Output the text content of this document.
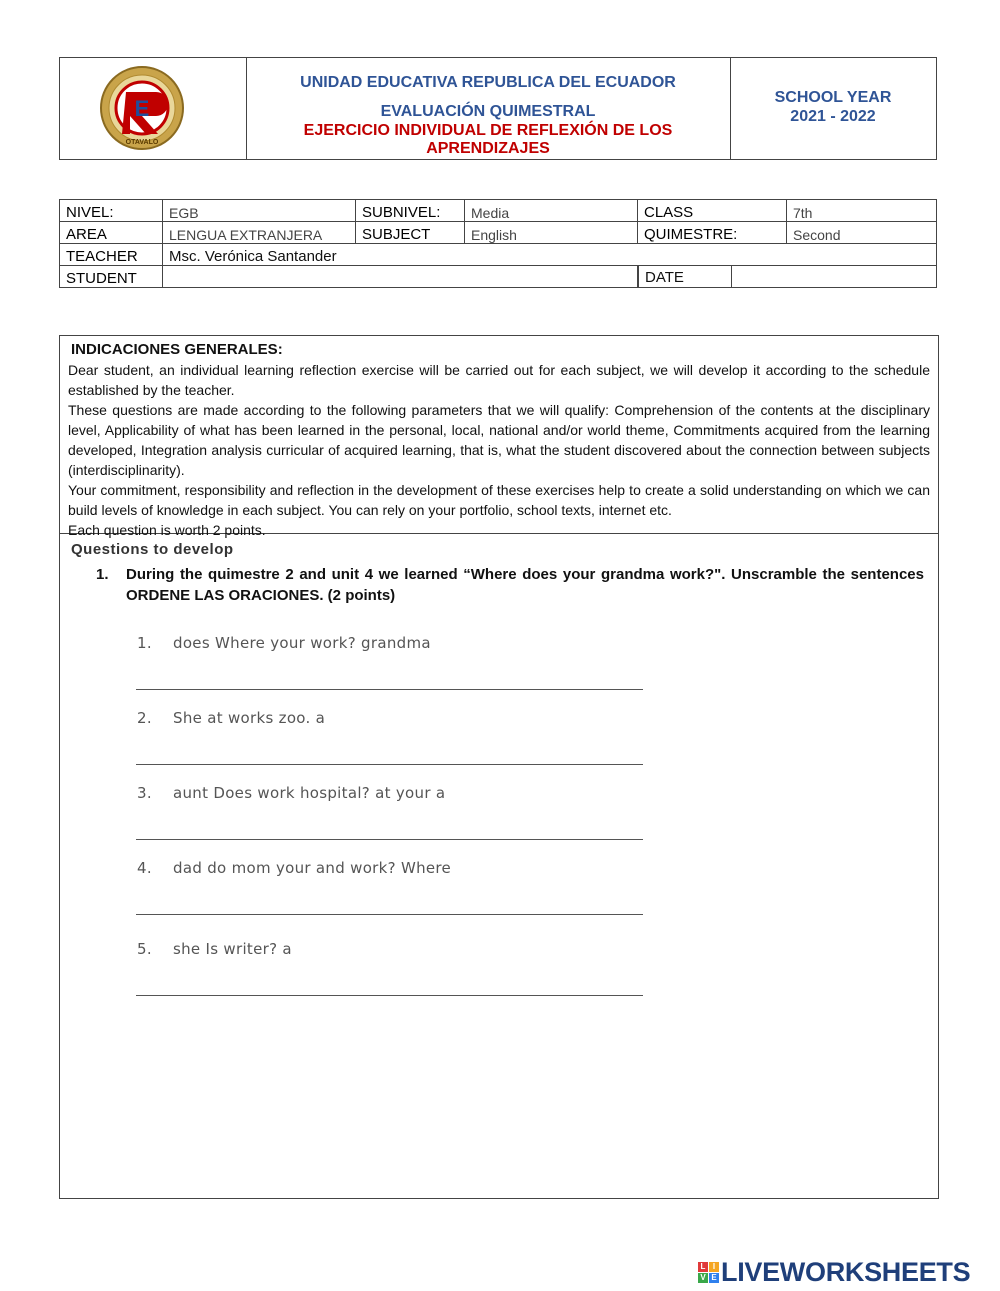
E
OTAVALO
UNIDAD EDUCATIVA REPUBLICA DEL ECUADOR
EVALUACIÓN QUIMESTRAL
EJERCICIO INDIVIDUAL DE REFLEXIÓN DE LOS APRENDIZAJES
SCHOOL YEAR
2021 - 2022
NIVEL:	EGB	SUBNIVEL:	Media	CLASS	7th
AREA	LENGUA EXTRANJERA	SUBJECT	English	QUIMESTRE:	Second
TEACHER	Msc. Verónica Santander				
STUDENT				DATE	
INDICACIONES GENERALES:

Dear student, an individual learning reflection exercise will be carried out for each subject, we will develop it according to the schedule established by the teacher.

These questions are made according to the following parameters that we will qualify: Comprehension of the contents at the disciplinary level, Applicability of what has been learned in the personal, local, national and/or world theme, Commitments acquired from the learning developed, Integration analysis curricular of acquired learning, that is, what the student discovered about the connection between subjects (interdisciplinarity).

Your commitment, responsibility and reflection in the development of these exercises help to create a solid understanding on which we can build levels of knowledge in each subject. You can rely on your portfolio, school texts, internet etc.

Each question is worth 2 points.

Questions to develop
1. During the quimestre 2 and unit 4 we learned “Where does your grandma work?". Unscramble the sentences ORDENE LAS ORACIONES. (2 points)
1. does Where your work? grandma
2. She at works zoo. a
3. aunt Does work hospital? at your a
4. dad do mom your and work? Where
5. she Is writer? a
L I
V E LIVEWORKSHEETS
